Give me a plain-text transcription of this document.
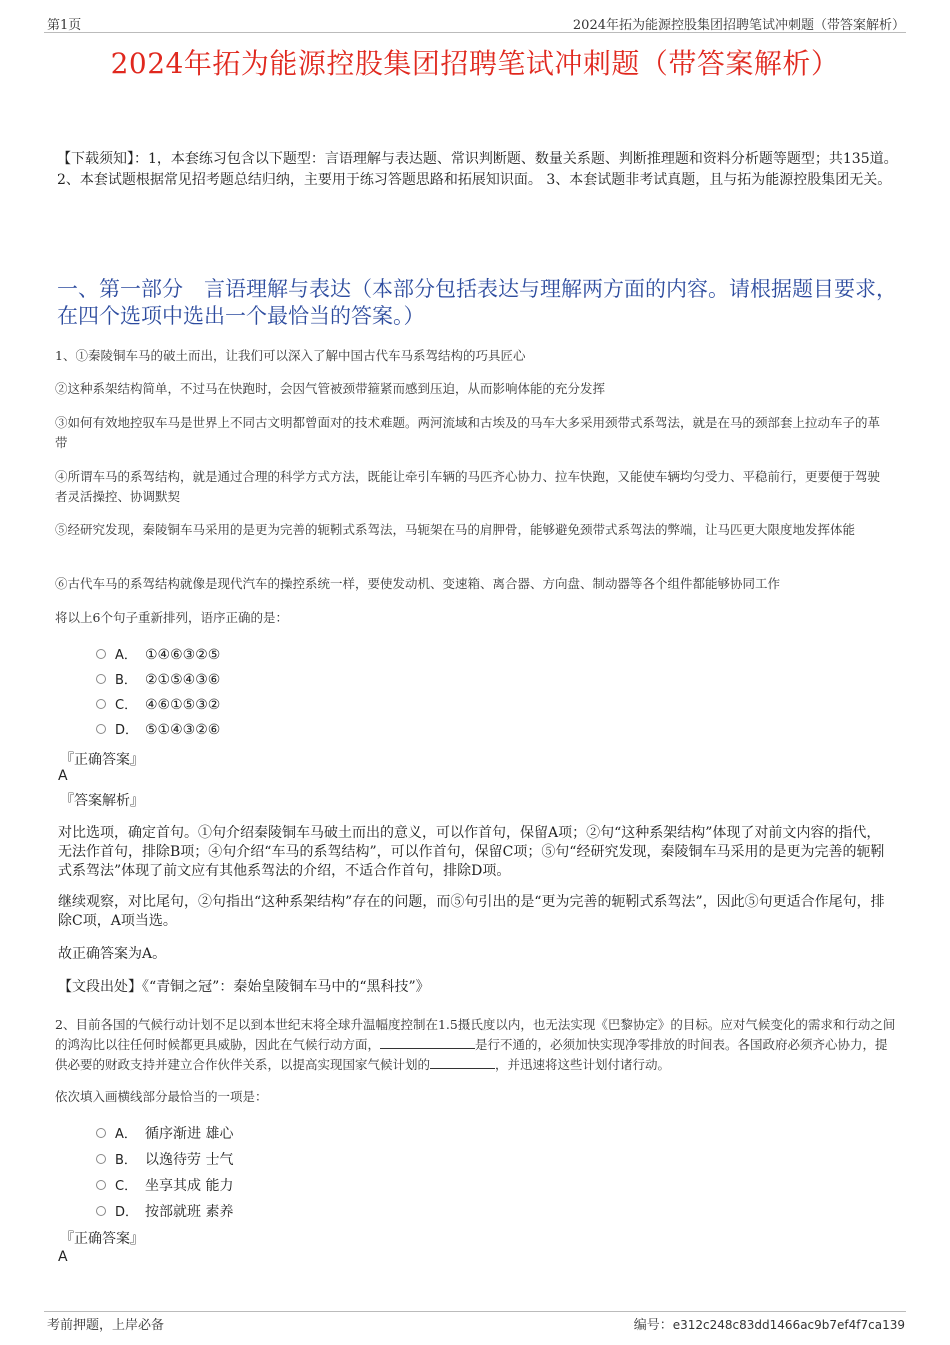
第1页	2024年拓为能源控股集团招聘笔试冲刺题（带答案解析）
2024年拓为能源控股集团招聘笔试冲刺题（带答案解析）
【下载须知】：1，本套练习包含以下题型：言语理解与表达题、常识判断题、数量关系题、判断推理题和资料分析题等题型；共135道。 2、本套试题根据常见招考题总结归纳，主要用于练习答题思路和拓展知识面。 3、本套试题非考试真题，且与拓为能源控股集团无关。
一、第一部分　言语理解与表达（本部分包括表达与理解两方面的内容。请根据题目要求，在四个选项中选出一个最恰当的答案。）
1、①秦陵铜车马的破土而出，让我们可以深入了解中国古代车马系驾结构的巧具匠心
②这种系架结构简单，不过马在快跑时，会因气管被颈带箍紧而感到压迫，从而影响体能的充分发挥
③如何有效地控驭车马是世界上不同古文明都曾面对的技术难题。两河流域和古埃及的马车大多采用颈带式系驾法，就是在马的颈部套上拉动车子的革带
④所谓车马的系驾结构，就是通过合理的科学方式方法，既能让牵引车辆的马匹齐心协力、拉车快跑，又能使车辆均匀受力、平稳前行，更要便于驾驶者灵活操控、协调默契
⑤经研究发现，秦陵铜车马采用的是更为完善的轭靷式系驾法，马轭架在马的肩胛骨，能够避免颈带式系驾法的弊端，让马匹更大限度地发挥体能
⑥古代车马的系驾结构就像是现代汽车的操控系统一样，要使发动机、变速箱、离合器、方向盘、制动器等各个组件都能够协同工作
将以上6个句子重新排列，语序正确的是：
A． ①④⑥③②⑤
B． ②①⑤④③⑥
C． ④⑥①⑤③②
D． ⑤①④③②⑥
『正确答案』
A
『答案解析』
对比选项，确定首句。①句介绍秦陵铜车马破土而出的意义，可以作首句，保留A项；②句“这种系架结构”体现了对前文内容的指代，无法作首句，排除B项；④句介绍“车马的系驾结构”，可以作首句，保留C项；⑤句“经研究发现，秦陵铜车马采用的是更为完善的轭靷式系驾法”体现了前文应有其他系驾法的介绍，不适合作首句，排除D项。
继续观察，对比尾句，②句指出“这种系架结构”存在的问题，而⑤句引出的是“更为完善的轭靷式系驾法”，因此⑤句更适合作尾句，排除C项，A项当选。
故正确答案为A。
【文段出处】《“青铜之冠”：秦始皇陵铜车马中的“黑科技”》
2、目前各国的气候行动计划不足以到本世纪末将全球升温幅度控制在1.5摄氏度以内，也无法实现《巴黎协定》的目标。应对气候变化的需求和行动之间的鸿沟比以往任何时候都更具威胁，因此在气候行动方面，	是行不通的，必须加快实现净零排放的时间表。各国政府必须齐心协力，提供必要的财政支持并建立合作伙伴关系，以提高实现国家气候计划的	，并迅速将这些计划付诸行动。
依次填入画横线部分最恰当的一项是：
A． 循序渐进 雄心
B． 以逸待劳 士气
C． 坐享其成 能力
D． 按部就班 素养
『正确答案』
A
考前押题，上岸必备	编号：e312c248c83dd1466ac9b7ef4f7ca139
